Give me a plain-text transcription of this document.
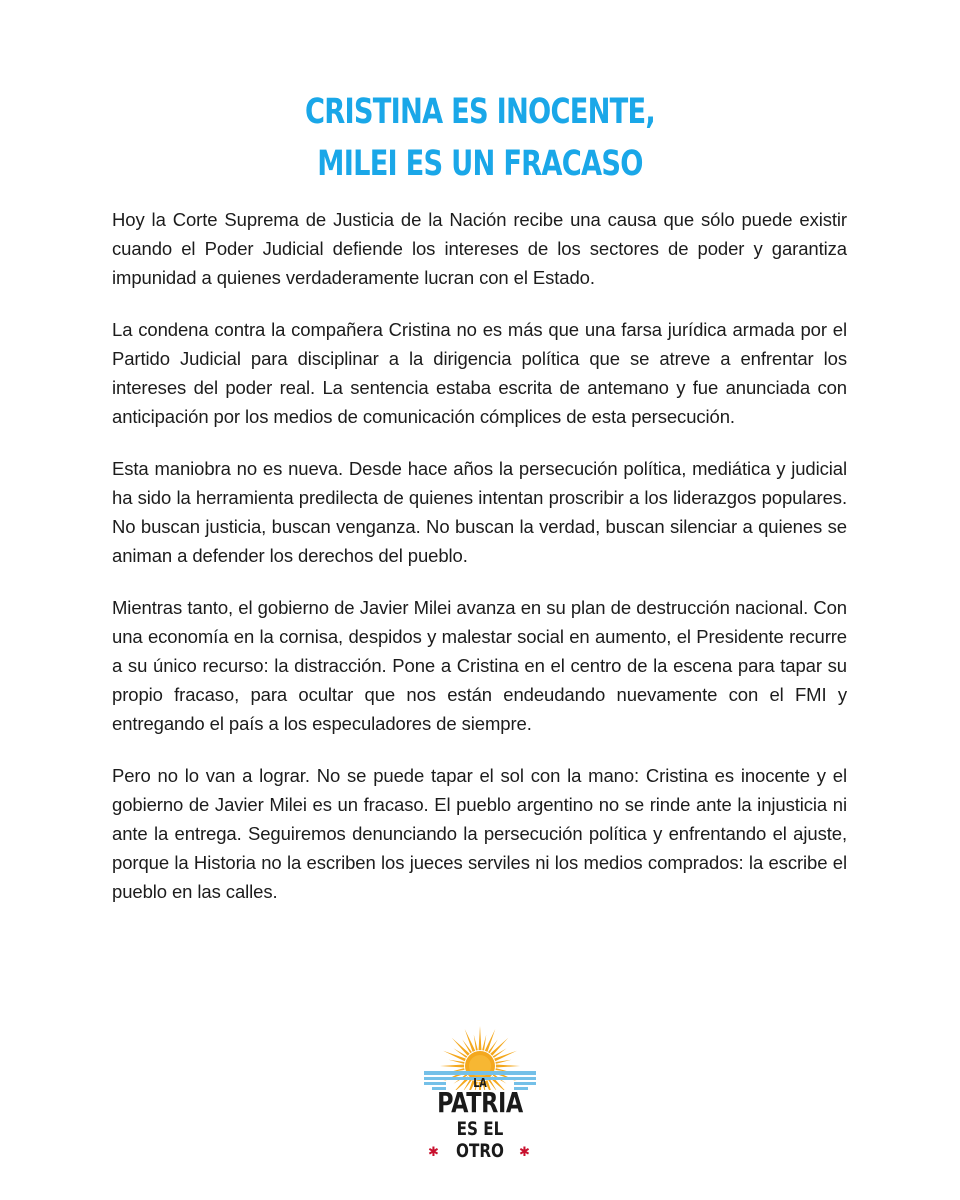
CRISTINA ES INOCENTE,
MILEI ES UN FRACASO

Hoy la Corte Suprema de Justicia de la Nación recibe una causa que sólo puede existir cuando el Poder Judicial defiende los intereses de los sectores de poder y garantiza impunidad a quienes verdaderamente lucran con el Estado.

La condena contra la compañera Cristina no es más que una farsa jurídica armada por el Partido Judicial para disciplinar a la dirigencia política que se atreve a enfrentar los intereses del poder real. La sentencia estaba escrita de antemano y fue anunciada con anticipación por los medios de comunicación cómplices de esta persecución.

Esta maniobra no es nueva. Desde hace años la persecución política, mediática y judicial ha sido la herramienta predilecta de quienes intentan proscribir a los liderazgos populares. No buscan justicia, buscan venganza. No buscan la verdad, buscan silenciar a quienes se animan a defender los derechos del pueblo.

Mientras tanto, el gobierno de Javier Milei avanza en su plan de destrucción nacional. Con una economía en la cornisa, despidos y malestar social en aumento, el Presidente recurre a su único recurso: la distracción. Pone a Cristina en el centro de la escena para tapar su propio fracaso, para ocultar que nos están endeudando nuevamente con el FMI y entregando el país a los especuladores de siempre.

Pero no lo van a lograr. No se puede tapar el sol con la mano: Cristina es inocente y el gobierno de Javier Milei es un fracaso. El pueblo argentino no se rinde ante la injusticia ni ante la entrega. Seguiremos denunciando la persecución política y enfrentando el ajuste, porque la Historia no la escriben los jueces serviles ni los medios comprados: la escribe el pueblo en las calles.

LA
PATRIA
ES EL
OTRO
✱	✱
